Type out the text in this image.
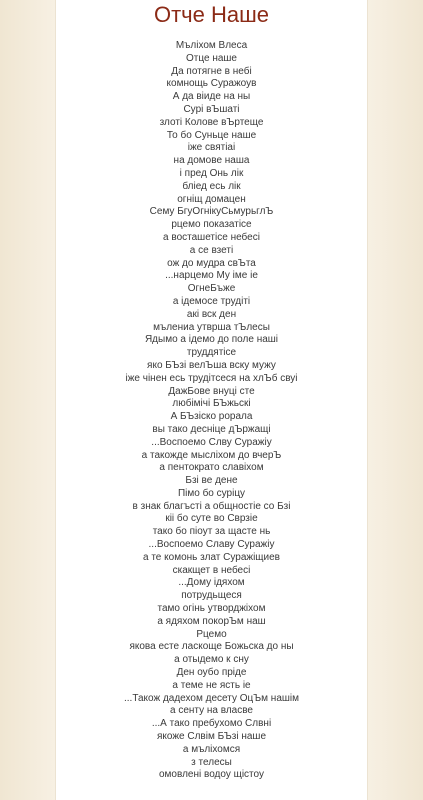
Отче Наше
Мълiхом Влеса
Отце наше
Да потягне в небi
комнощь Суражоув
А да вiиде на ны
Сурi вЪшатi
злоті Колове вЪртеще
То бо Суньце наше
iже святiаi
на домове наша
i пред Онь лiк
блiед есь лiк
огнiщ домацен
Сему БгуОгнiкуСьмурьглЪ
рцемо показатiсе
а восташетiсе небесi
а се взетi
ож до мудра свЪта
...нарцемо Му iме iе
ОгнеБъже
а iдемосе трудiтi
акi вск ден
мълениa утвpша тЪлесы
Ядымо а iдемо до поле нашi
труддятiсе
яко БЪзi велЪша вску мужу
iже чiнен есь трудiтсеся на хлЪб свуi
ДажБове внуцi сте
любiмiчi БЪжьскi
А БЪзiско рорала
вы тако деснiце дЪржащi
...Воспоемо Слву Суражiу
а такожде мыслiхом до вчерЪ
а пентократо славiхом
Бзi ве дене
Пiмо бо сурiцу
в знак благъстi а общностiе со Бзi
кiі бо суте во Сврзiе
тако бо пiоут за щасте нь
...Воспоемо Славу Суражiу
а те комонь злат Суражiщиев
скакщет в небесi
...Дому iдяхом
потрудьщеся
тамо огiнь утворджiхом
а ядяхом покорЪм наш
Рцемо
якова есте ласкоще Бoжьска до ны
а отыдемо к сну
Ден оубо прiде
а теме не ясть iе
...Також дадехом десету ОцЪм нашiм
а сенту на власве
...А тако пребухомо Слвнi
якоже Слвiм БЪзi наше
а мълiхомся
з телесы
омовленi водоу щiстоу
